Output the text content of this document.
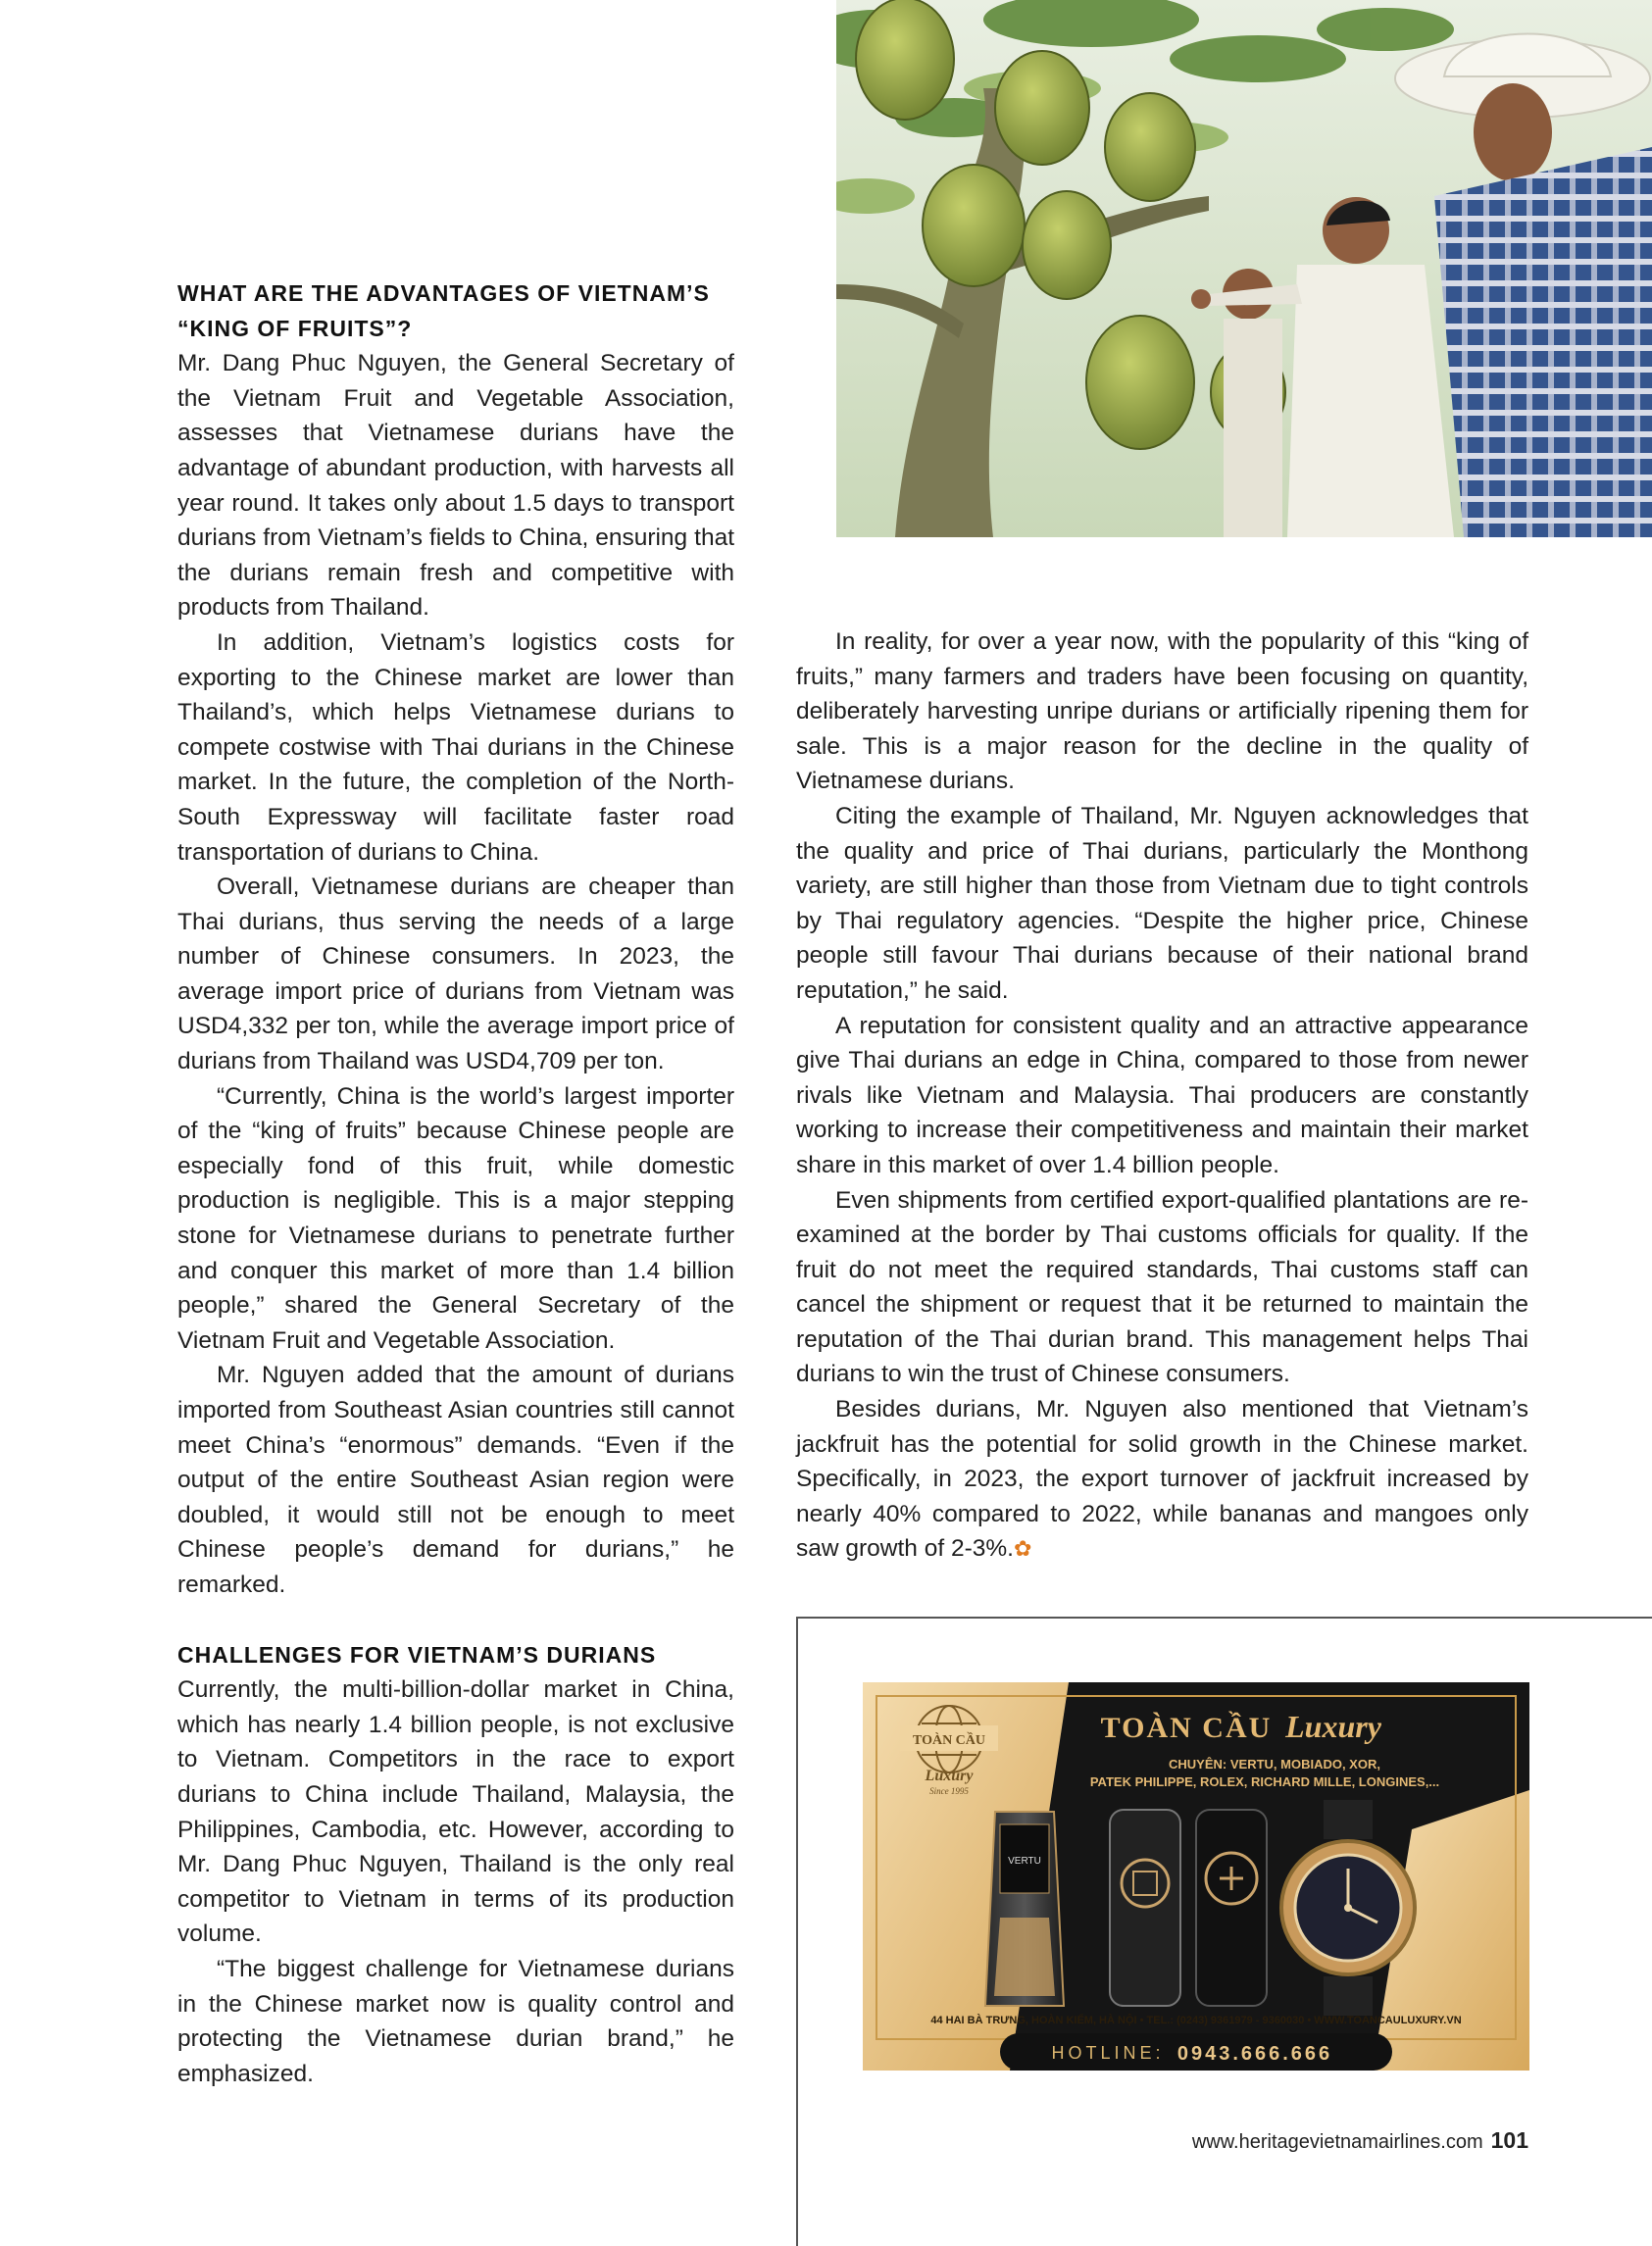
WHAT ARE THE ADVANTAGES OF VIETNAM’S
“KING OF FRUITS”?

Mr. Dang Phuc Nguyen, the General Secretary of the Vietnam Fruit and Vegetable Association, assesses that Vietnamese durians have the advantage of abundant production, with harvests all year round. It takes only about 1.5 days to transport durians from Vietnam’s fields to China, ensuring that the durians remain fresh and competitive with products from Thailand.

In addition, Vietnam’s logistics costs for exporting to the Chinese market are lower than Thailand’s, which helps Vietnamese durians to compete costwise with Thai durians in the Chinese market. In the future, the completion of the North-South Expressway will facilitate faster road transportation of durians to China.

Overall, Vietnamese durians are cheaper than Thai durians, thus serving the needs of a large number of Chinese consumers. In 2023, the average import price of durians from Vietnam was USD4,332 per ton, while the average import price of durians from Thailand was USD4,709 per ton.

“Currently, China is the world’s largest importer of the “king of fruits” because Chinese people are especially fond of this fruit, while domestic production is negligible. This is a major stepping stone for Vietnamese durians to penetrate further and conquer this market of more than 1.4 billion people,” shared the General Secretary of the Vietnam Fruit and Vegetable Association.

Mr. Nguyen added that the amount of durians imported from Southeast Asian countries still cannot meet China’s “enormous” demands. “Even if the output of the entire Southeast Asian region were doubled, it would still not be enough to meet Chinese people’s demand for durians,” he remarked.

CHALLENGES FOR VIETNAM’S DURIANS

Currently, the multi-billion-dollar market in China, which has nearly 1.4 billion people, is not exclusive to Vietnam. Competitors in the race to export durians to China include Thailand, Malaysia, the Philippines, Cambodia, etc. However, according to Mr. Dang Phuc Nguyen, Thailand is the only real competitor to Vietnam in terms of its production volume.

“The biggest challenge for Vietnamese durians in the Chinese market now is quality control and protecting the Vietnamese durian brand,” he emphasized.

In reality, for over a year now, with the popularity of this “king of fruits,” many farmers and traders have been focusing on quantity, deliberately harvesting unripe durians or artificially ripening them for sale. This is a major reason for the decline in the quality of Vietnamese durians.

Citing the example of Thailand, Mr. Nguyen acknowledges that the quality and price of Thai durians, particularly the Monthong variety, are still higher than those from Vietnam due to tight controls by Thai regulatory agencies. “Despite the higher price, Chinese people still favour Thai durians because of their national brand reputation,” he said.

A reputation for consistent quality and an attractive appearance give Thai durians an edge in China, compared to those from newer rivals like Vietnam and Malaysia. Thai producers are constantly working to increase their competitiveness and maintain their market share in this market of over 1.4 billion people.

Even shipments from certified export-qualified plantations are re-examined at the border by Thai customs officials for quality. If the fruit do not meet the required standards, Thai customs staff can cancel the shipment or request that it be returned to maintain the reputation of the Thai durian brand. This management helps Thai durians to win the trust of Chinese consumers.

Besides durians, Mr. Nguyen also mentioned that Vietnam’s jackfruit has the potential for solid growth in the Chinese market. Specifically, in 2023, the export turnover of jackfruit increased by nearly 40% compared to 2022, while bananas and mangoes only saw growth of 2-3%.✿

TOÀN CẦU
Luxury
Since 1995
TOÀN CẦU Luxury
CHUYÊN: VERTU, MOBIADO, XOR,
PATEK PHILIPPE, ROLEX, RICHARD MILLE, LONGINES,...
VERTU
44 HAI BÀ TRƯNG, HOÀN KIẾM, HÀ NỘI • TEL.: (0243) 9361979 - 9360030 • WWW.TOANCAULUXURY.VN
HOTLINE: 0943.666.666
www.heritagevietnamairlines.com 101
